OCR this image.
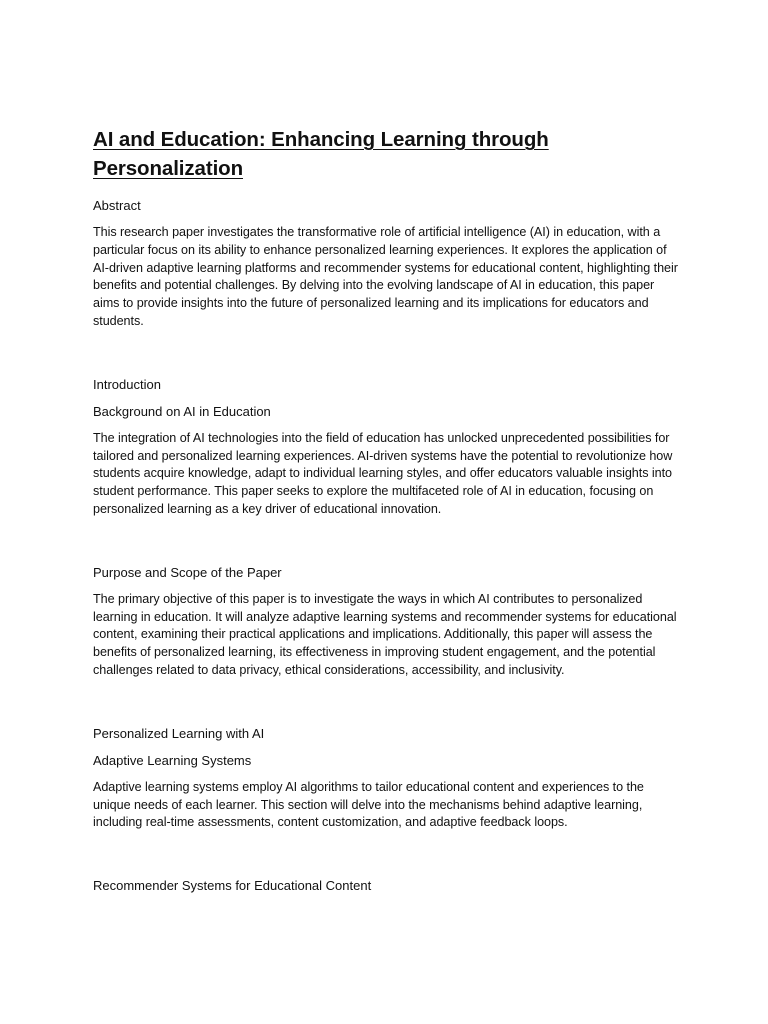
AI and Education: Enhancing Learning through Personalization
Abstract

This research paper investigates the transformative role of artificial intelligence (AI) in education, with a particular focus on its ability to enhance personalized learning experiences. It explores the application of AI-driven adaptive learning platforms and recommender systems for educational content, highlighting their benefits and potential challenges. By delving into the evolving landscape of AI in education, this paper aims to provide insights into the future of personalized learning and its implications for educators and students.

Introduction
Background on AI in Education

The integration of AI technologies into the field of education has unlocked unprecedented possibilities for tailored and personalized learning experiences. AI-driven systems have the potential to revolutionize how students acquire knowledge, adapt to individual learning styles, and offer educators valuable insights into student performance. This paper seeks to explore the multifaceted role of AI in education, focusing on personalized learning as a key driver of educational innovation.

Purpose and Scope of the Paper

The primary objective of this paper is to investigate the ways in which AI contributes to personalized learning in education. It will analyze adaptive learning systems and recommender systems for educational content, examining their practical applications and implications. Additionally, this paper will assess the benefits of personalized learning, its effectiveness in improving student engagement, and the potential challenges related to data privacy, ethical considerations, accessibility, and inclusivity.

Personalized Learning with AI
Adaptive Learning Systems

Adaptive learning systems employ AI algorithms to tailor educational content and experiences to the unique needs of each learner. This section will delve into the mechanisms behind adaptive learning, including real-time assessments, content customization, and adaptive feedback loops.

Recommender Systems for Educational Content
